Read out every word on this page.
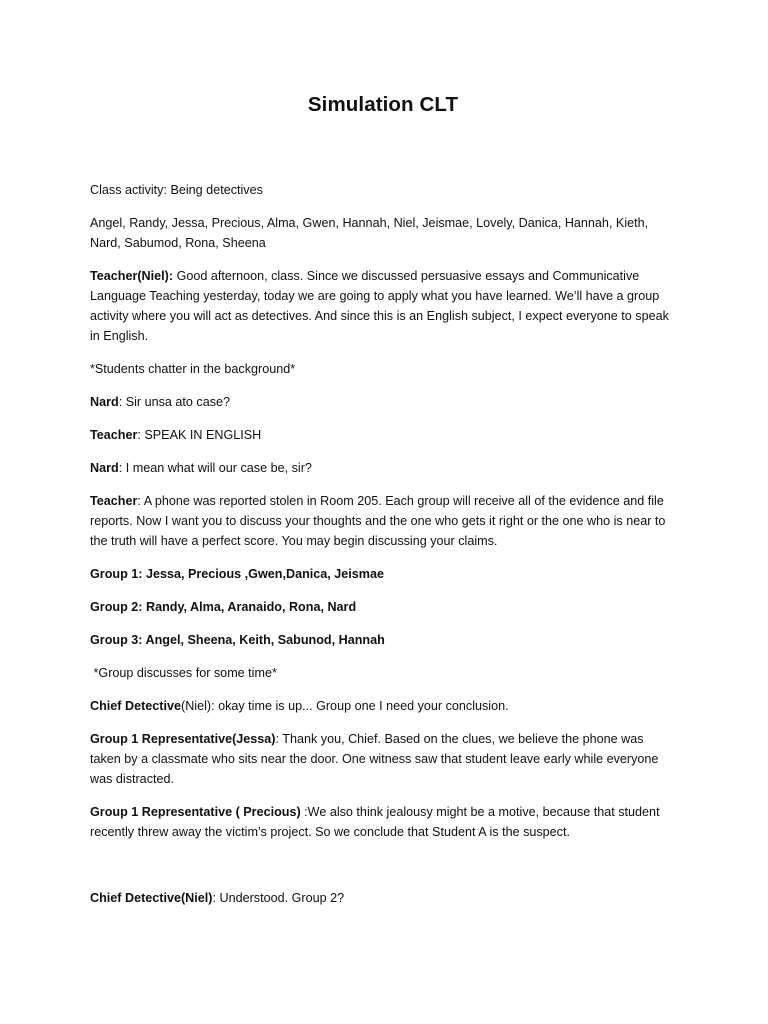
Simulation CLT

Class activity: Being detectives

Angel, Randy, Jessa, Precious, Alma, Gwen, Hannah, Niel, Jeismae, Lovely, Danica, Hannah, Kieth, Nard, Sabumod, Rona, Sheena

Teacher(Niel): Good afternoon, class. Since we discussed persuasive essays and Communicative Language Teaching yesterday, today we are going to apply what you have learned. We’ll have a group activity where you will act as detectives. And since this is an English subject, I expect everyone to speak in English.

*Students chatter in the background*

Nard: Sir unsa ato case?

Teacher: SPEAK IN ENGLISH

Nard: I mean what will our case be, sir?

Teacher: A phone was reported stolen in Room 205. Each group will receive all of the evidence and file reports. Now I want you to discuss your thoughts and the one who gets it right or the one who is near to the truth will have a perfect score. You may begin discussing your claims.

Group 1: Jessa, Precious ,Gwen,Danica, Jeismae

Group 2: Randy, Alma, Aranaido, Rona, Nard

Group 3: Angel, Sheena, Keith, Sabunod, Hannah

*Group discusses for some time*

Chief Detective(Niel): okay time is up... Group one I need your conclusion.

Group 1 Representative(Jessa): Thank you, Chief. Based on the clues, we believe the phone was taken by a classmate who sits near the door. One witness saw that student leave early while everyone was distracted.

Group 1 Representative ( Precious) :We also think jealousy might be a motive, because that student recently threw away the victim’s project. So we conclude that Student A is the suspect.

Chief Detective(Niel): Understood. Group 2?
